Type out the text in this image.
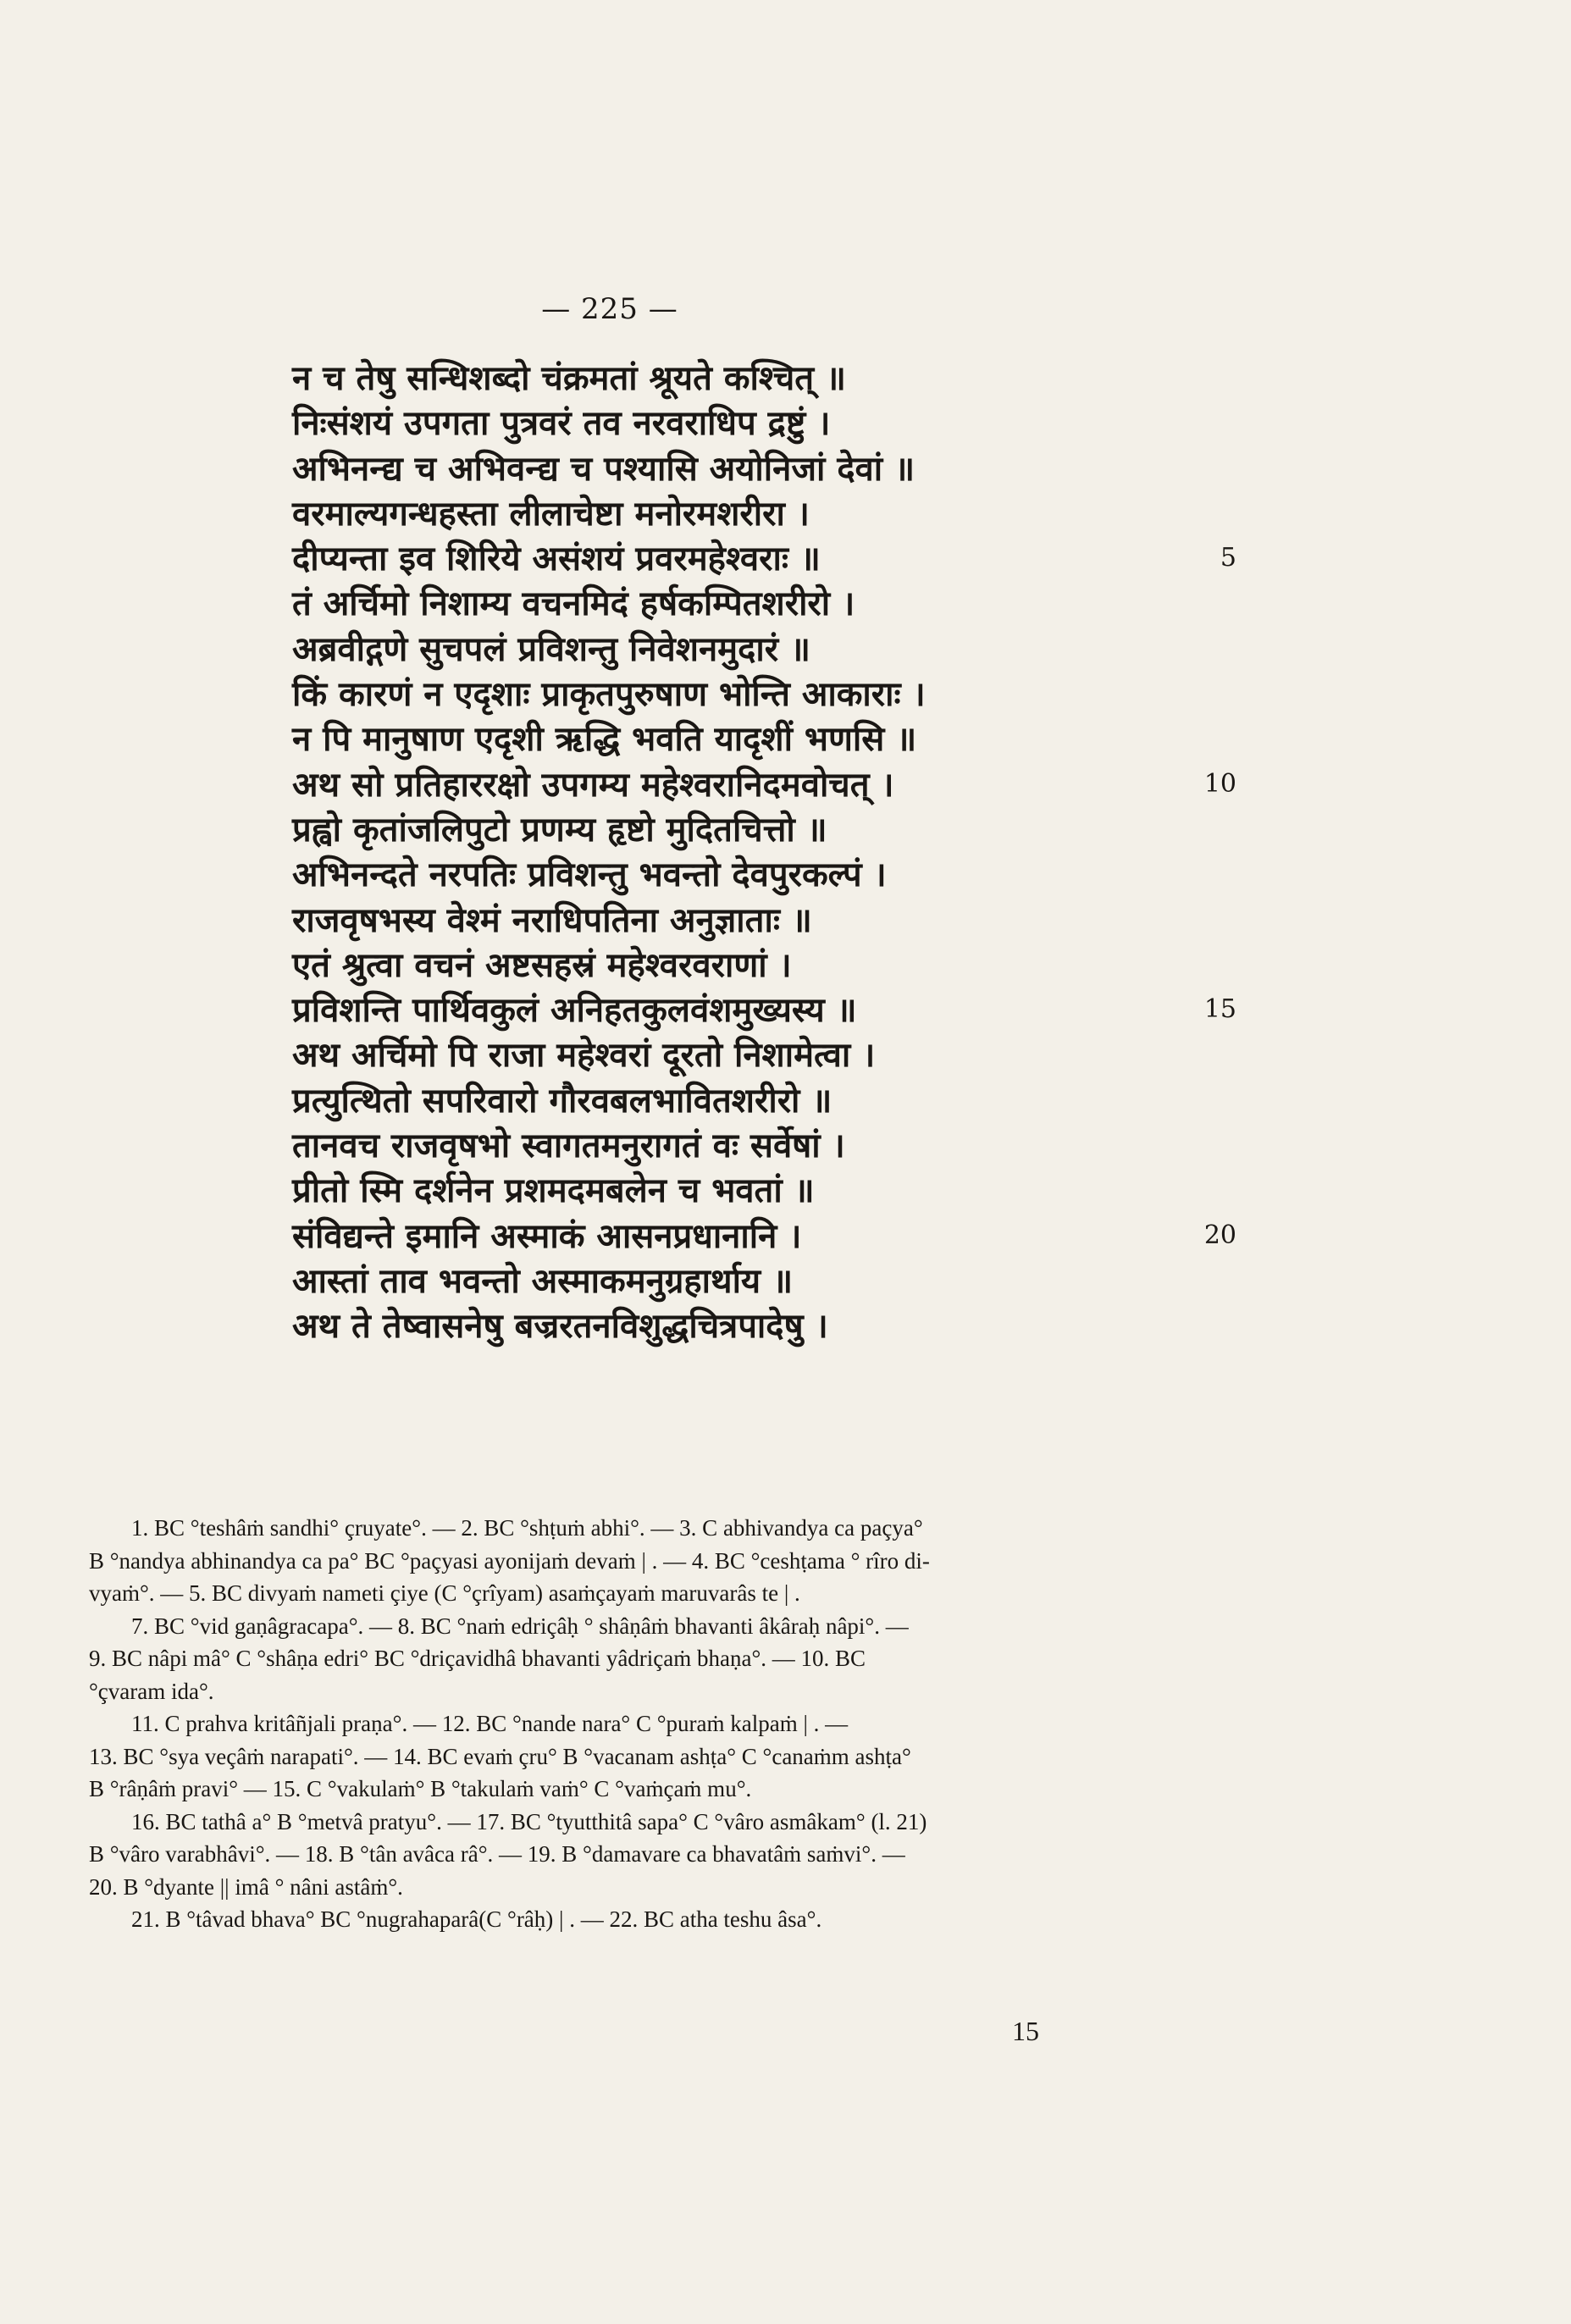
— 225 —
न च तेषु सन्धिशब्दो चंक्रमतां श्रूयते कश्चित् ॥
निःसंशयं उपगता पुत्रवरं तव नरवराधिप द्रष्टुं ।
अभिनन्द्य च अभिवन्द्य च पश्यासि अयोनिजां देवां ॥
वरमाल्यगन्धहस्ता लीलाचेष्टा मनोरमशरीरा ।
दीप्यन्ता इव शिरिये असंशयं प्रवरमहेश्वराः ॥
तं अर्चिमो निशाम्य वचनमिदं हर्षकम्पितशरीरो ।
अब्रवीद्गणे सुचपलं प्रविशन्तु निवेशनमुदारं ॥
किं कारणं न एदृशाः प्राकृतपुरुषाण भोन्ति आकाराः ।
न पि मानुषाण एदृशी ऋद्धि भवति यादृशीं भणसि ॥
अथ सो प्रतिहाररक्षो उपगम्य महेश्वरानिदमवोचत् ।
प्रह्वो कृतांजलिपुटो प्रणम्य हृष्टो मुदितचित्तो ॥
अभिनन्दते नरपतिः प्रविशन्तु भवन्तो देवपुरकल्पं ।
राजवृषभस्य वेश्मं नराधिपतिना अनुज्ञाताः ॥
एतं श्रुत्वा वचनं अष्टसहस्रं महेश्वरवराणां ।
प्रविशन्ति पार्थिवकुलं अनिहतकुलवंशमुख्यस्य ॥
अथ अर्चिमो पि राजा महेश्वरां दूरतो निशामेत्वा ।
प्रत्युत्थितो सपरिवारो गौरवबलभावितशरीरो ॥
तानवच राजवृषभो स्वागतमनुरागतं वः सर्वेषां ।
प्रीतो स्मि दर्शनेन प्रशमदमबलेन च भवतां ॥
संविद्यन्ते इमानि अस्माकं आसनप्रधानानि ।
आस्तां ताव भवन्तो अस्माकमनुग्रहार्थाय ॥
अथ ते तेष्वासनेषु बज्ररतनविशुद्धचित्रपादेषु ।
5
10
15
20
1. BC °teshâṁ sandhi° çruyate°. — 2. BC °shṭuṁ abhi°. — 3. C abhivandya ca paçya°
B °nandya abhinandya ca pa° BC °paçyasi ayonijaṁ devaṁ | . — 4. BC °ceshṭama ° rîro di-
vyaṁ°. — 5. BC divyaṁ nameti çiye (C °çrîyam) asaṁçayaṁ maruvarâs te | .
7. BC °vid gaṇâgracapa°. — 8. BC °naṁ edriçâḥ ° shâṇâṁ bhavanti âkâraḥ nâpi°. —
9. BC nâpi mâ° C °shâṇa edri° BC °driçavidhâ bhavanti yâdriçaṁ bhaṇa°. — 10. BC
°çvaram ida°.
11. C prahva kritâñjali praṇa°. — 12. BC °nande nara° C °puraṁ kalpaṁ | . —
13. BC °sya veçâṁ narapati°. — 14. BC evaṁ çru° B °vacanam ashṭa° C °canaṁm ashṭa°
B °râṇâṁ pravi° — 15. C °vakulaṁ° B °takulaṁ vaṁ° C °vaṁçaṁ mu°.
16. BC tathâ a° B °metvâ pratyu°. — 17. BC °tyutthitâ sapa° C °vâro asmâkam° (l. 21)
B °vâro varabhâvi°. — 18. B °tân avâca râ°. — 19. B °damavare ca bhavatâṁ saṁvi°. —
20. B °dyante || imâ ° nâni astâṁ°.
21. B °tâvad bhava° BC °nugrahaparâ(C °râḥ) | . — 22. BC atha teshu âsa°.
15
